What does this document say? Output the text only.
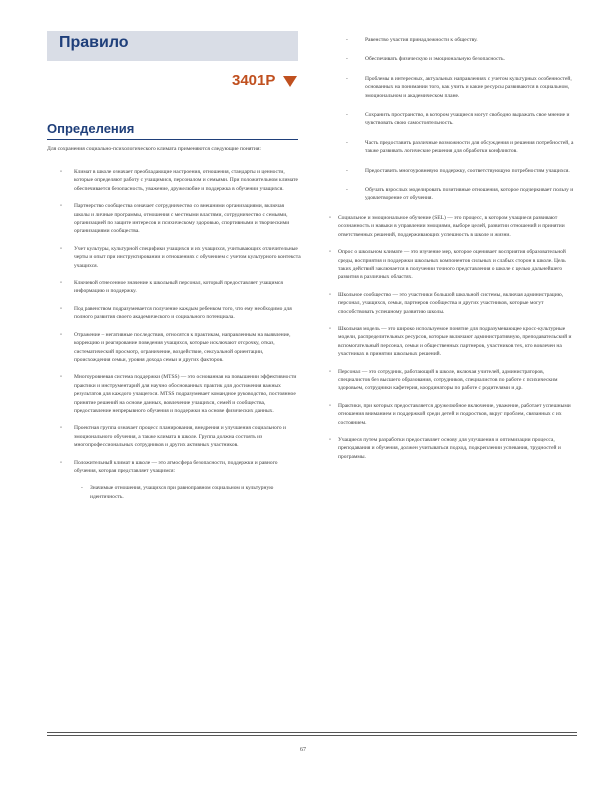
Правило
3401P
Определения
Для сохранения социально-психологического климата применяются следующие понятия:
▫ Климат в школе означает преобладающие настроения, отношения, стандарты и ценности, которые определяют работу с учащимися, персоналом и семьями. При положительном климате обеспечивается безопасность, уважение, дружелюбие и поддержка в обучении учащихся.
▫ Партнерство сообщества означает сотрудничество со внешними организациями, включая школы и личные программы, отношения с местными властями, сотрудничество с семьями, организацией по защите интересов и психическому здоровью, спортивными и творческими организациями сообщества.
▫ Учет культуры, культурной специфики учащихся и их учащихся, учитывающих отличительные черты и опыт при инструктировании и отношениях с обучением с учетом культурного контекста учащихся.
▫ Ключевой отнесенное значение к школьный персонал, который предоставляет учащимся информацию и поддержку.
▫ Под равенством подразумевается получение каждым ребенком того, что ему необходимо для полного развития своего академического и социального потенциала.
▫ Отражение – негативные последствия, относятся к практикам, направленным на выявление, коррекцию и реагирование поведения учащихся, которые исключают отсрочку, отказ, систематический просмотр, ограничение, воздействие, сексуальной ориентации, происхождения семьи, уровня дохода семьи и других факторов.
▫ Многоуровневая система поддержки (MTSS) — это основанная на повышении эффективности практики и инструментарий для научно обоснованных практик для достижения важных результатов для каждого учащегося. MTSS подразумевает командное руководство, постоянное принятие решений на основе данных, вовлечение учащихся, семей и сообщества, предоставление непрерывного обучения и поддержки на основе физических данных.
▫ Проектная группа означает процесс планирования, внедрения и улучшения социального и эмоционального обучения, а также климата в школе. Группа должна состоять из многопрофессиональных сотрудников и других активных участников.
▫ Положительный климат в школе — это атмосфера безопасности, поддержки и равного обучения, которая представляет учащимся:
- Значимые отношения, учащихся при равноправном социальном и культурную идентичность.
-	Равенство участия принадлежности к обществу.
-	Обеспечивать физическую и эмоциональную безопасность.
-	Проблемы в интересных, актуальных направлениях с учетом культурных особенностей, основанных на понимании того, как учить и какие ресурсы развиваются в социальном, эмоциональном и академическом плане.
-	Сохранить пространство, в котором учащиеся могут свободно выражать свое мнение и чувствовать свою самостоятельность.
-	Часть предоставить различные возможности для обсуждения и решения потребностей, а также развивать логические решения для обработки конфликтов.
-	Предоставить многоуровневую поддержку, соответствующую потребностям учащихся.
-	Обучать взрослых моделировать позитивные отношения, которое подчеркивает пользу и удовлетворение от обучения.
▫ Социальное и эмоциональное обучение (SEL) — это процесс, в котором учащиеся развивают осознанность и навыки в управлении эмоциями, выборе целей, развитии отношений и принятии ответственных решений, поддерживающих успешность в школе и жизни.
▫ Опрос о школьном климате — это изучение мер, которое оценивает восприятия образовательной среды, восприятия и поддержки школьных компонентов сильных и слабых сторон в школе. Цель таких действий заключается в получении точного представления о школе с целью дальнейшего развития в различных областях.
▫ Школьное сообщество — это участники большой школьной системы, включая администрацию, персонал, учащихся, семьи, партнеров сообщества и других участников, которые могут способствовать успешному развитию школы.
▫ Школьная модель — это широко используемое понятие для подразумевающее кросс-культурные модели, распределительных ресурсов, которые включают административную, преподавательский и вспомогательный персонал, семьи и общественных партнеров, участников тех, кто вовлечен на участниках в принятии школьных решений.
▫ Персонал — это сотрудник, работающий в школе, включая учителей, администраторов, специалистов без высшего образования, сотрудников, специалистов по работе с психическим здоровьем, сотрудники кафетерия, координаторы по работе с родителями и др.
▫ Практики, при которых предоставляется дружелюбное включение, уважение, работает успешными отношения вниманием и поддержкой среди детей и подростков, вкруг проблем, связанных с их состоянием.
▫ Учащиеся путем разработки предоставляет основу для улучшения и оптимизации процесса, преподавания и обучения, должен учитываться подход, подкреплении успевания, трудностей и программы.
67
